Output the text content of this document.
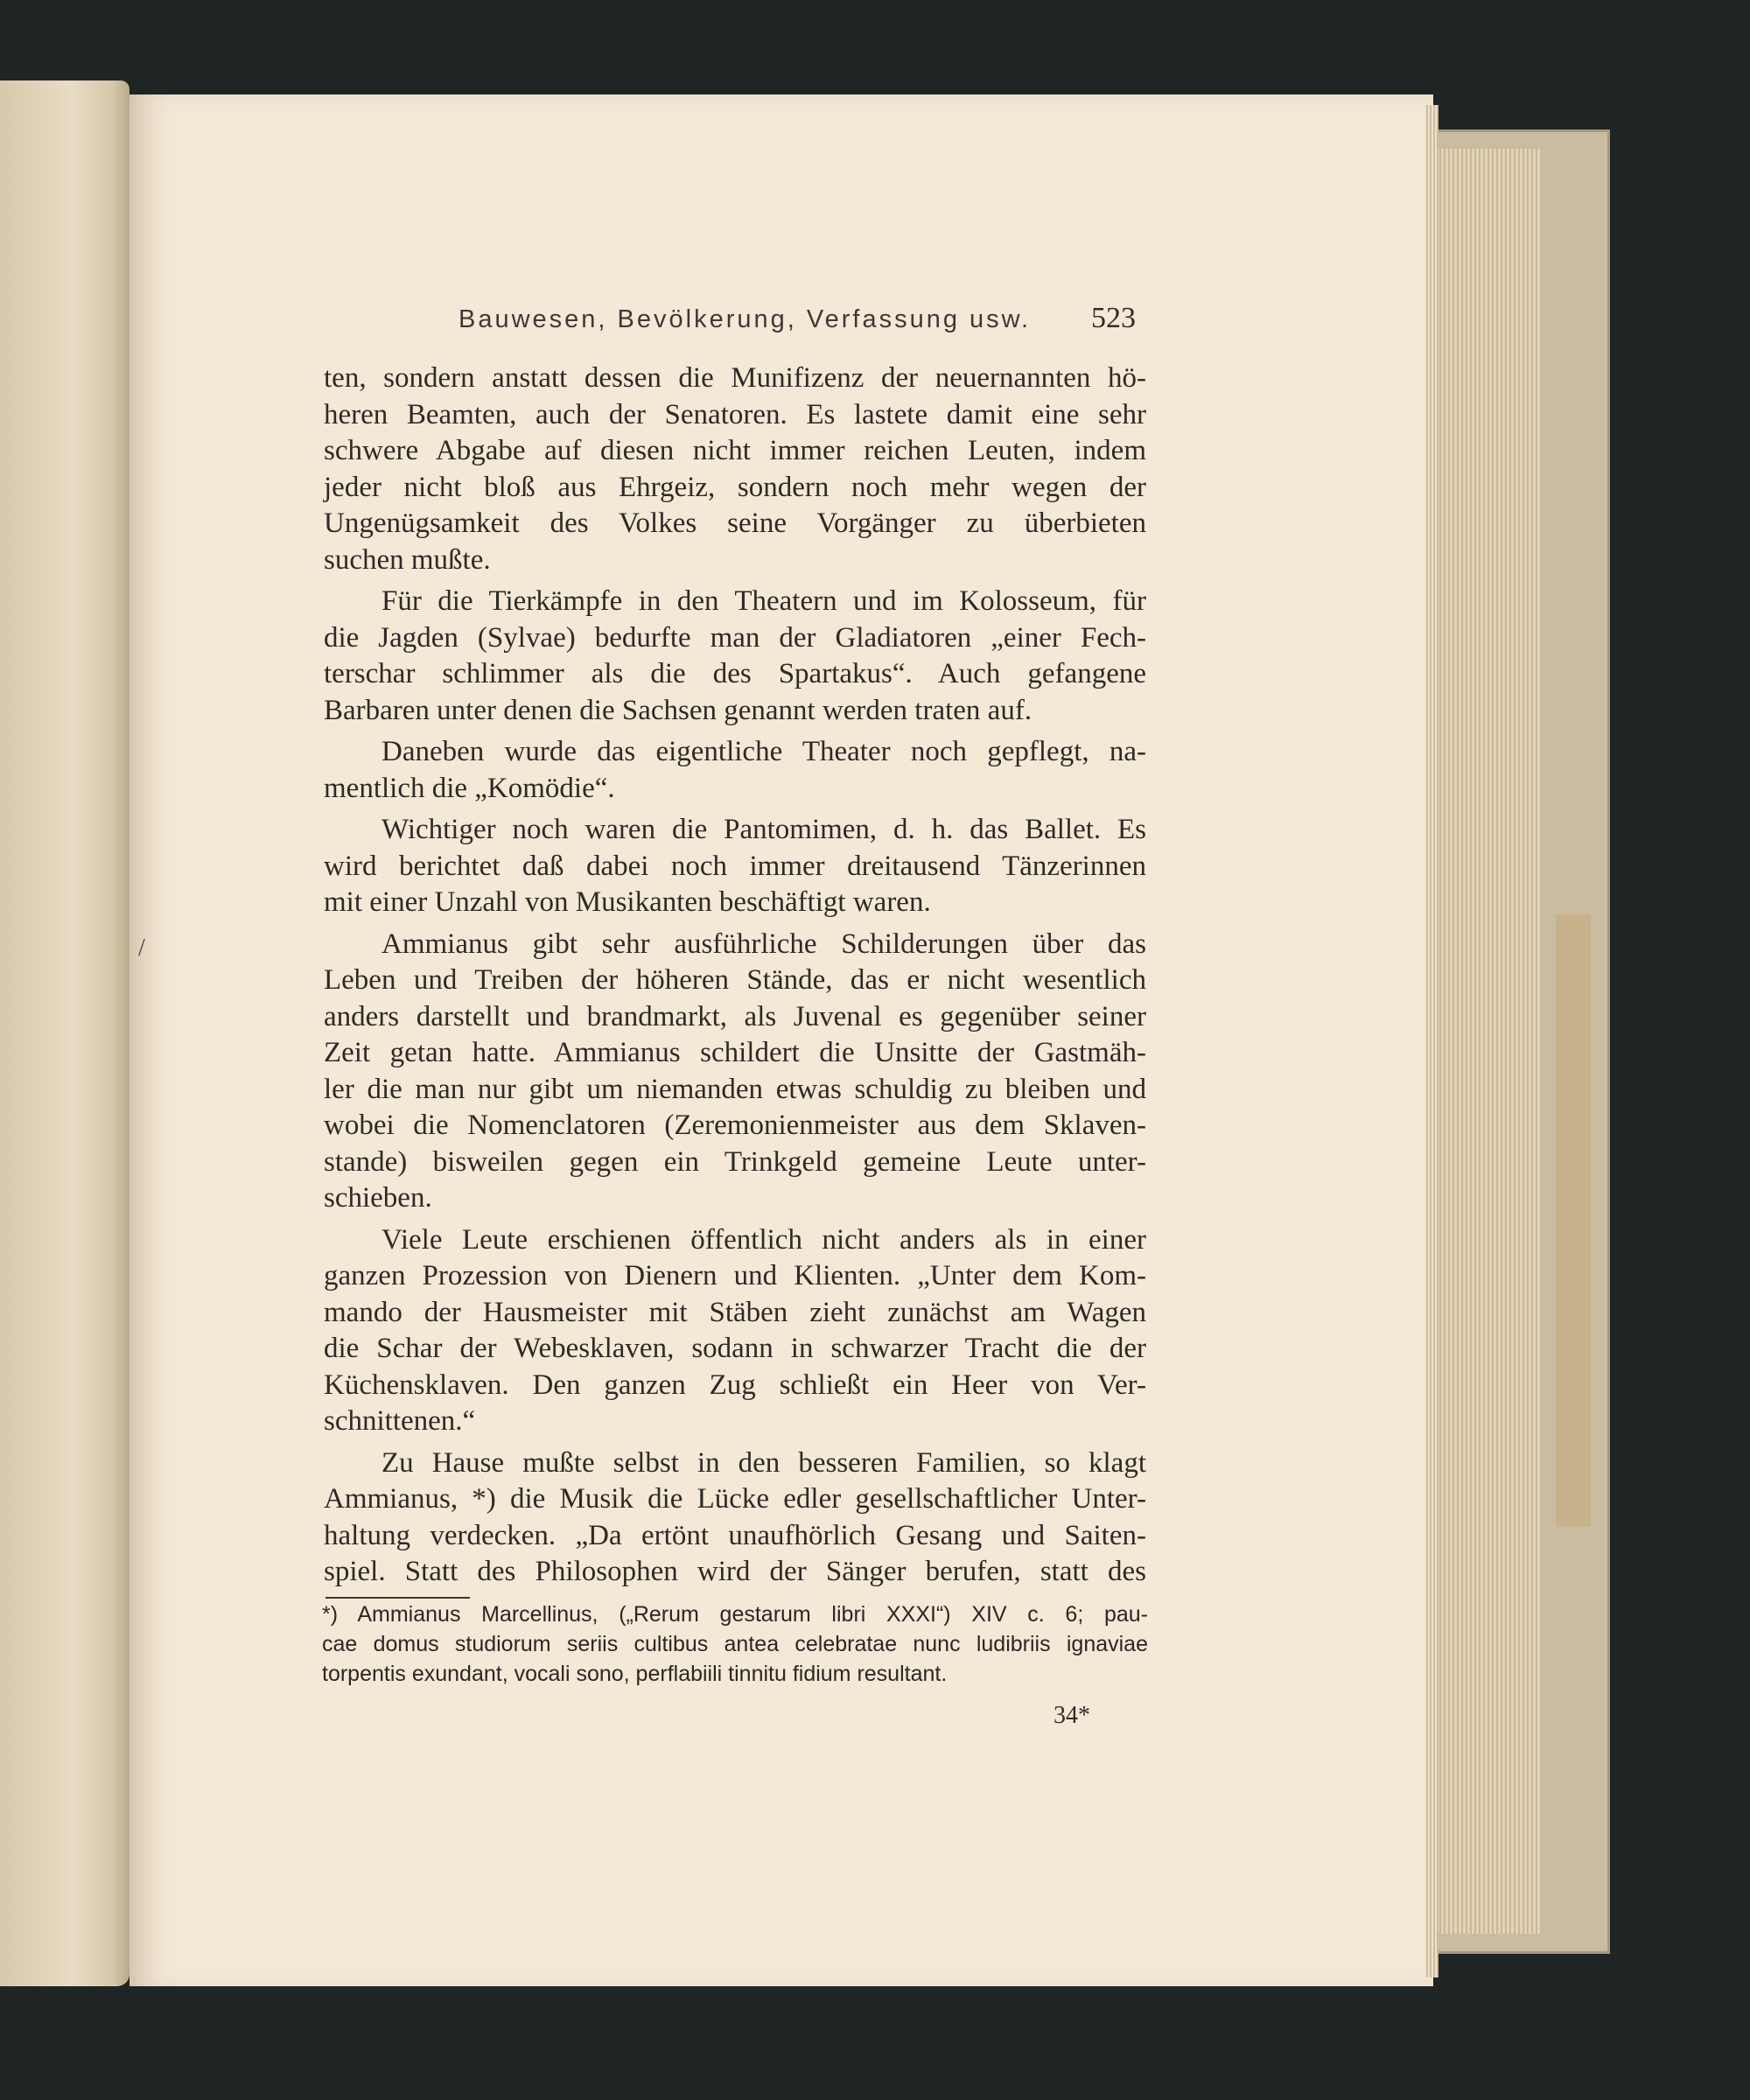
/
Bauwesen, Bevölkerung, Verfassung usw. 523
ten, sondern anstatt dessen die Munifizenz der neuernannten hö-
heren Beamten, auch der Senatoren. Es lastete damit eine sehr
schwere Abgabe auf diesen nicht immer reichen Leuten, indem
jeder nicht bloß aus Ehrgeiz, sondern noch mehr wegen der
Ungenügsamkeit des Volkes seine Vorgänger zu überbieten
suchen mußte.
Für die Tierkämpfe in den Theatern und im Kolosseum, für
die Jagden (Sylvae) bedurfte man der Gladiatoren „einer Fech-
terschar schlimmer als die des Spartakus“. Auch gefangene
Barbaren unter denen die Sachsen genannt werden traten auf.
Daneben wurde das eigentliche Theater noch gepflegt, na-
mentlich die „Komödie“.
Wichtiger noch waren die Pantomimen, d. h. das Ballet. Es
wird berichtet daß dabei noch immer dreitausend Tänzerinnen
mit einer Unzahl von Musikanten beschäftigt waren.
Ammianus gibt sehr ausführliche Schilderungen über das
Leben und Treiben der höheren Stände, das er nicht wesentlich
anders darstellt und brandmarkt, als Juvenal es gegenüber seiner
Zeit getan hatte. Ammianus schildert die Unsitte der Gastmäh-
ler die man nur gibt um niemanden etwas schuldig zu bleiben und
wobei die Nomenclatoren (Zeremonienmeister aus dem Sklaven-
stande) bisweilen gegen ein Trinkgeld gemeine Leute unter-
schieben.
Viele Leute erschienen öffentlich nicht anders als in einer
ganzen Prozession von Dienern und Klienten. „Unter dem Kom-
mando der Hausmeister mit Stäben zieht zunächst am Wagen
die Schar der Webesklaven, sodann in schwarzer Tracht die der
Küchensklaven. Den ganzen Zug schließt ein Heer von Ver-
schnittenen.“
Zu Hause mußte selbst in den besseren Familien, so klagt
Ammianus, *) die Musik die Lücke edler gesellschaftlicher Unter-
haltung verdecken. „Da ertönt unaufhörlich Gesang und Saiten-
spiel. Statt des Philosophen wird der Sänger berufen, statt des
*) Ammianus Marcellinus, („Rerum gestarum libri XXXI“) XIV c. 6; pau-
cae domus studiorum seriis cultibus antea celebratae nunc ludibriis ignaviae
torpentis exundant, vocali sono, perflabiili tinnitu fidium resultant.
34*
